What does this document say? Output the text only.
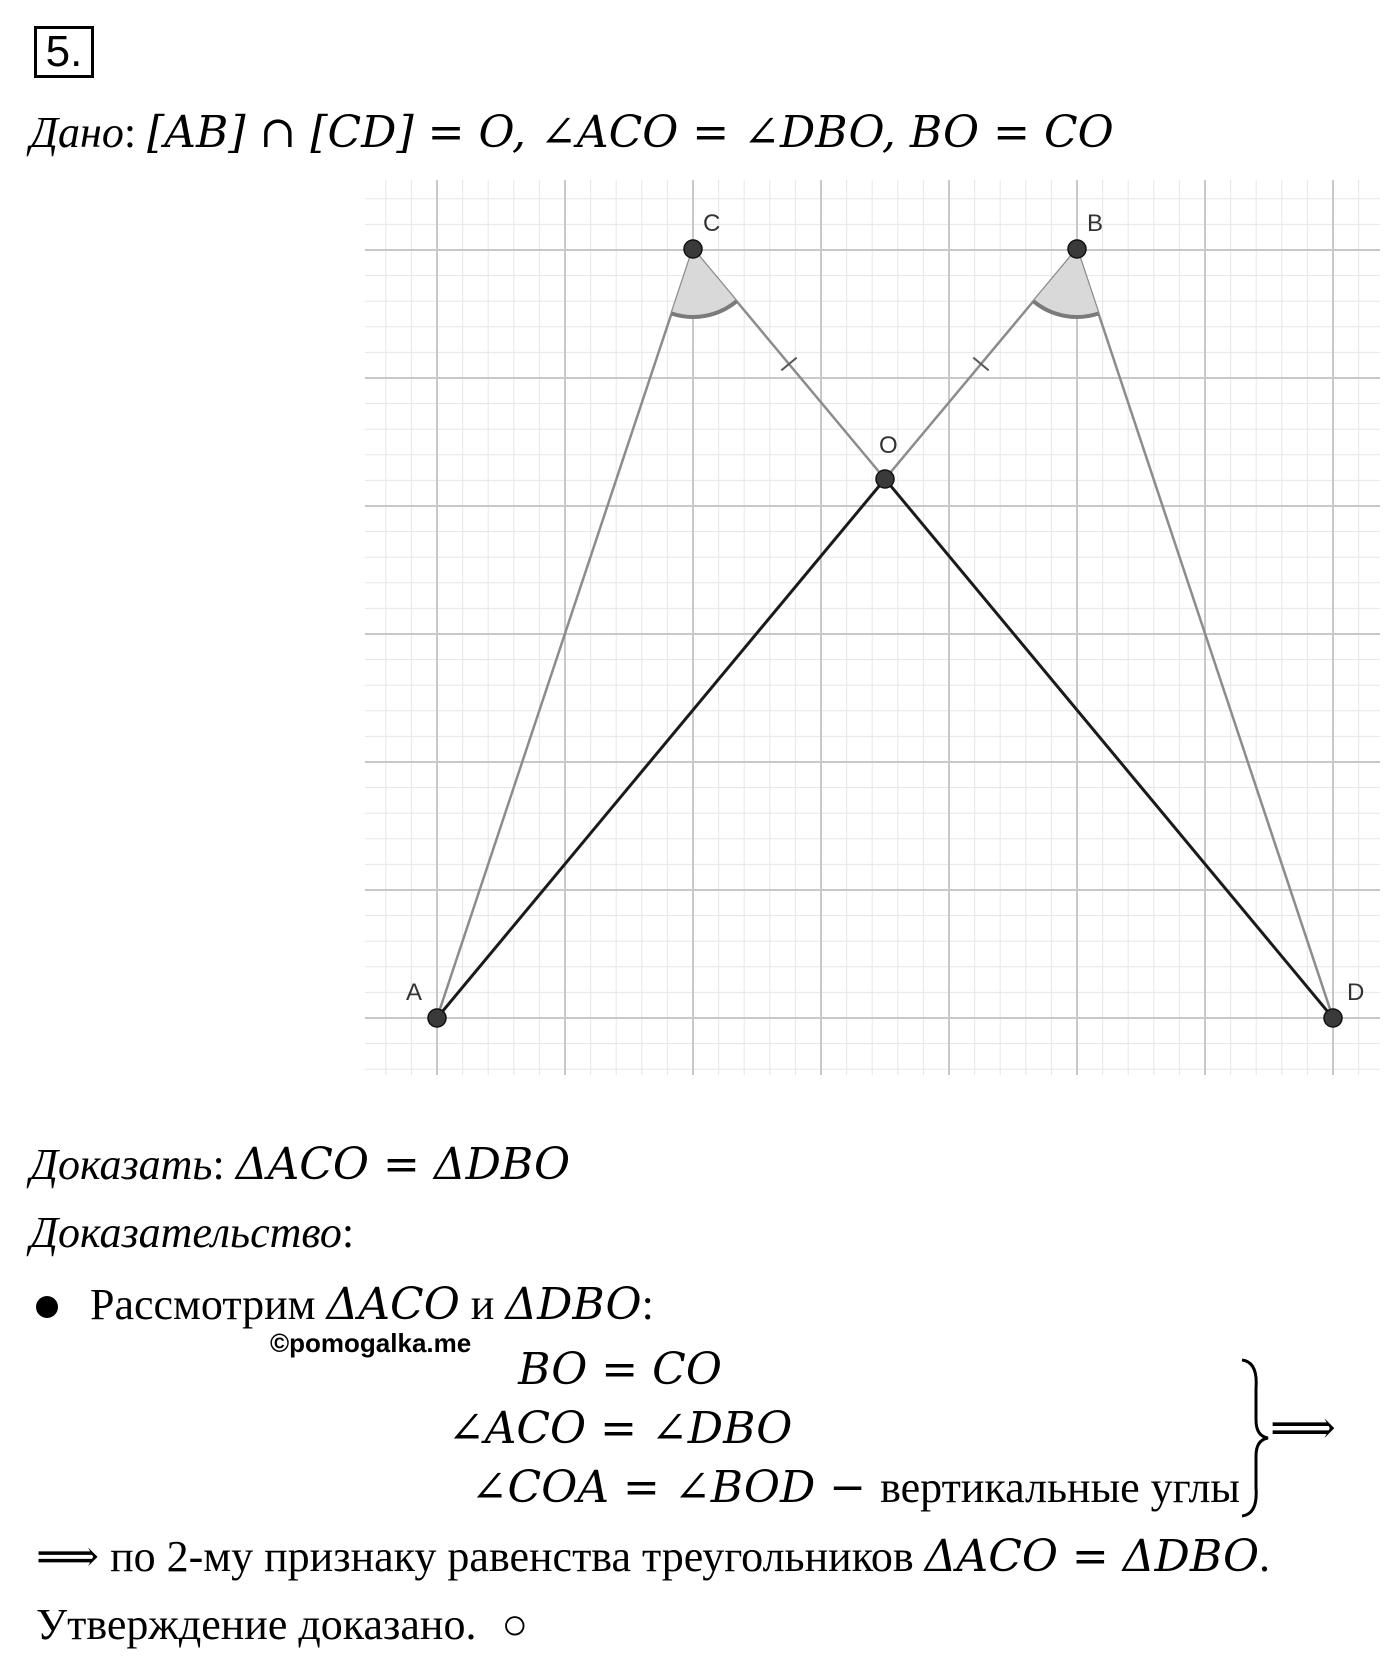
5.
Дано: [AB] ∩ [CD] = O, ∠ACO = ∠DBO, BO = CO
A
C	B
D
O
Доказать: ΔACO = ΔDBO
Доказательство:
Рассмотрим ΔACO и ΔDBO:
©pomogalka.me
BO = CO
∠ACO = ∠DBO
∠COA = ∠BOD − вертикальные углы
⟹
⟹ по 2-му признаку равенства треугольников ΔACO = ΔDBO.
Утверждение доказано. ○
